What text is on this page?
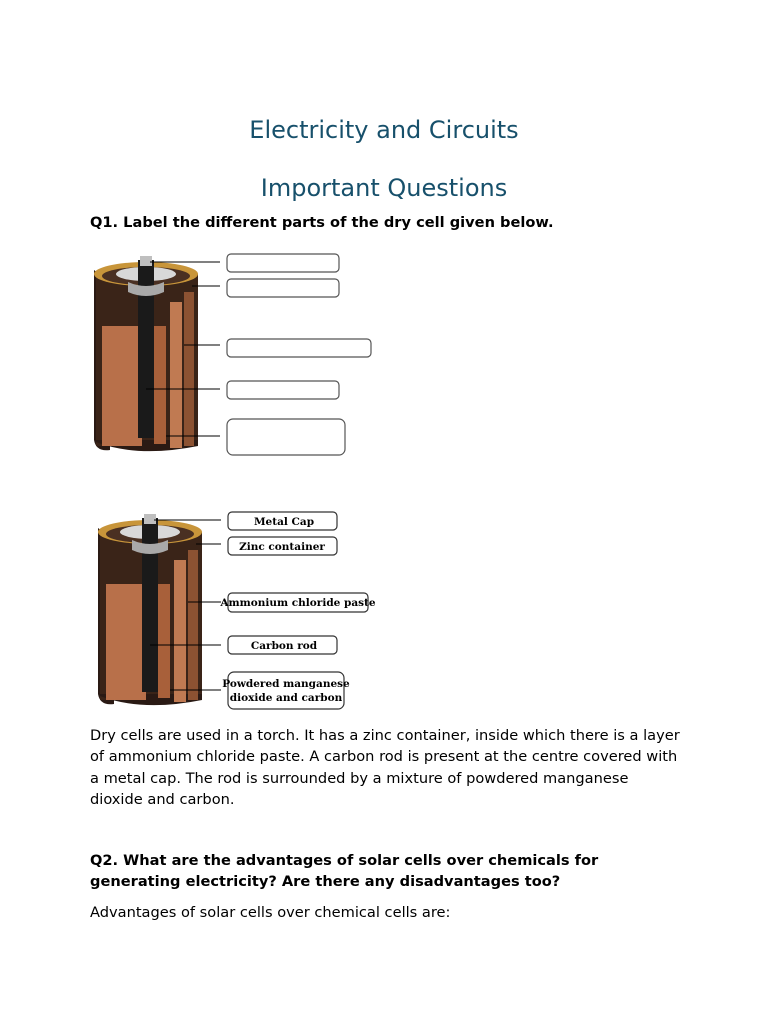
Electricity and Circuits
Important Questions
Q1. Label the different parts of the dry cell given below.
Metal Cap
Zinc container
Ammonium chloride paste
Carbon rod
Powdered manganese
dioxide and carbon
Dry cells are used in a torch. It has a zinc container, inside which there is a layer of ammonium chloride paste. A carbon rod is present at the centre covered with a metal cap. The rod is surrounded by a mixture of powdered manganese dioxide and carbon.
Q2. What are the advantages of solar cells over chemicals for generating electricity? Are there any disadvantages too?
Advantages of solar cells over chemical cells are:
